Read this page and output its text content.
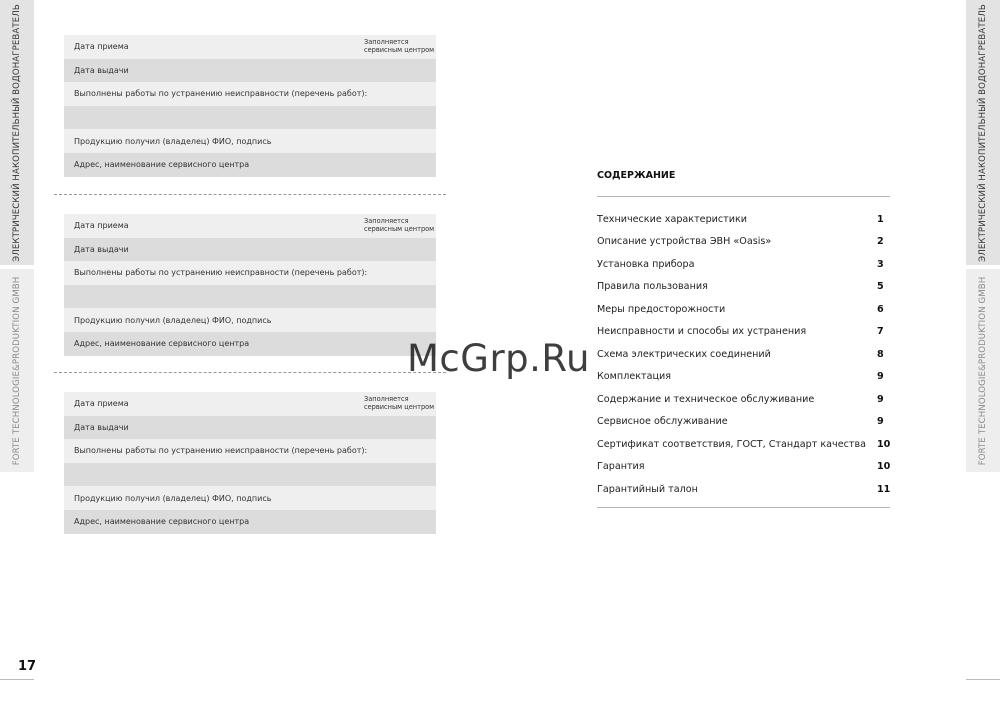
ЭЛЕКТРИЧЕСКИЙ НАКОПИТЕЛЬНЫЙ ВОДОНАГРЕВАТЕЛЬ
FORTE TECHNOLOGIE&PRODUKTION GMBH
ЭЛЕКТРИЧЕСКИЙ НАКОПИТЕЛЬНЫЙ ВОДОНАГРЕВАТЕЛЬ
FORTE TECHNOLOGIE&PRODUKTION GMBH
17
Дата приема
Заполняется сервисным центром
Дата выдачи
Выполнены работы по устранению неисправности (перечень работ):
Продукцию получил (владелец) ФИО, подпись
Адрес, наименование сервисного центра
Дата приема
Заполняется сервисным центром
Дата выдачи
Выполнены работы по устранению неисправности (перечень работ):
Продукцию получил (владелец) ФИО, подпись
Адрес, наименование сервисного центра
Дата приема
Заполняется сервисным центром
Дата выдачи
Выполнены работы по устранению неисправности (перечень работ):
Продукцию получил (владелец) ФИО, подпись
Адрес, наименование сервисного центра
СОДЕРЖАНИЕ
Технические характеристики	1
Описание устройства ЭВН «Oasis»	2
Установка прибора	3
Правила пользования	5
Меры предосторожности	6
Неисправности и способы их устранения	7
Схема электрических соединений	8
Комплектация	9
Содержание и техническое обслуживание	9
Сервисное обслуживание	9
Сертификат соответствия, ГОСТ, Стандарт качества 10
Гарантия	10
Гарантийный талон	11
McGrp.Ru
